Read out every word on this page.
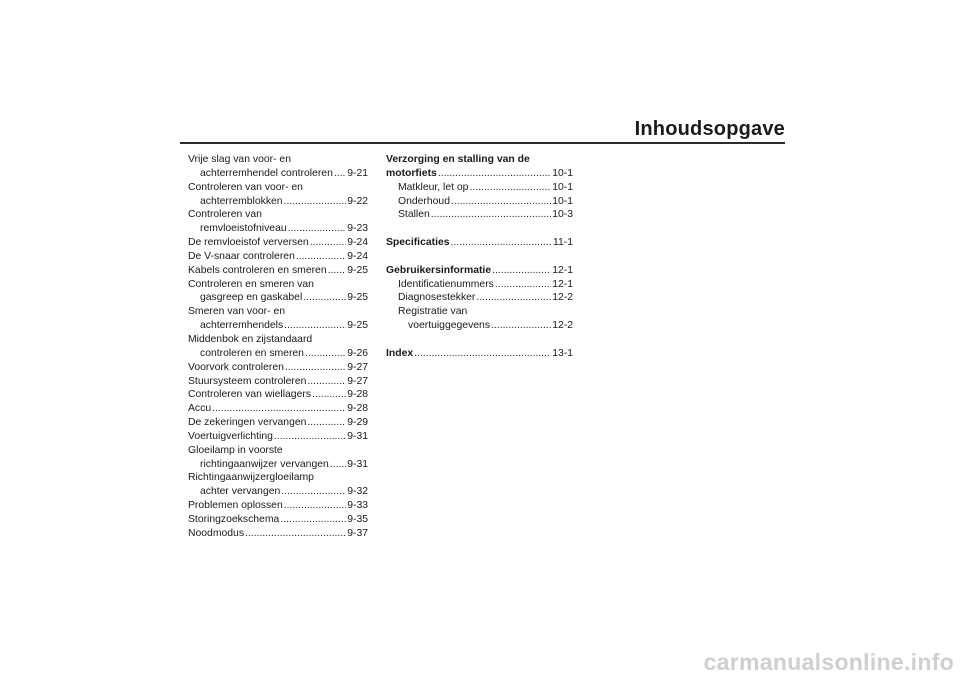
Inhoudsopgave
Vrije slag van voor- en
achterremhendel controleren ..... 9-21
Controleren van voor- en
achterremblokken .....	9-22
Controleren van
remvloeistofniveau .....	9-23
De remvloeistof verversen .....	9-24
De V-snaar controleren .....	9-24
Kabels controleren en smeren ..... 9-25
Controleren en smeren van
gasgreep en gaskabel .....	9-25
Smeren van voor- en
achterremhendels .....	9-25
Middenbok en zijstandaard
controleren en smeren .....	9-26
Voorvork controleren .....	9-27
Stuursysteem controleren .....	9-27
Controleren van wiellagers .....	9-28
Accu .....	9-28
De zekeringen vervangen .....	9-29
Voertuigverlichting .....	9-31
Gloeilamp in voorste
richtingaanwijzer vervangen ..... 9-31
Richtingaanwijzergloeilamp
achter vervangen .....	9-32
Problemen oplossen .....	9-33
Storingzoekschema .....	9-35
Noodmodus .....	9-37
Verzorging en stalling van de
motorfiets .....	10-1
Matkleur, let op .....	10-1
Onderhoud .....	10-1
Stallen .....	10-3
Specificaties .....	11-1
Gebruikersinformatie .....	12-1
Identificatienummers .....	12-1
Diagnosestekker .....	12-2
Registratie van
voertuiggegevens .....	12-2
Index .....	13-1
carmanualsonline.info
